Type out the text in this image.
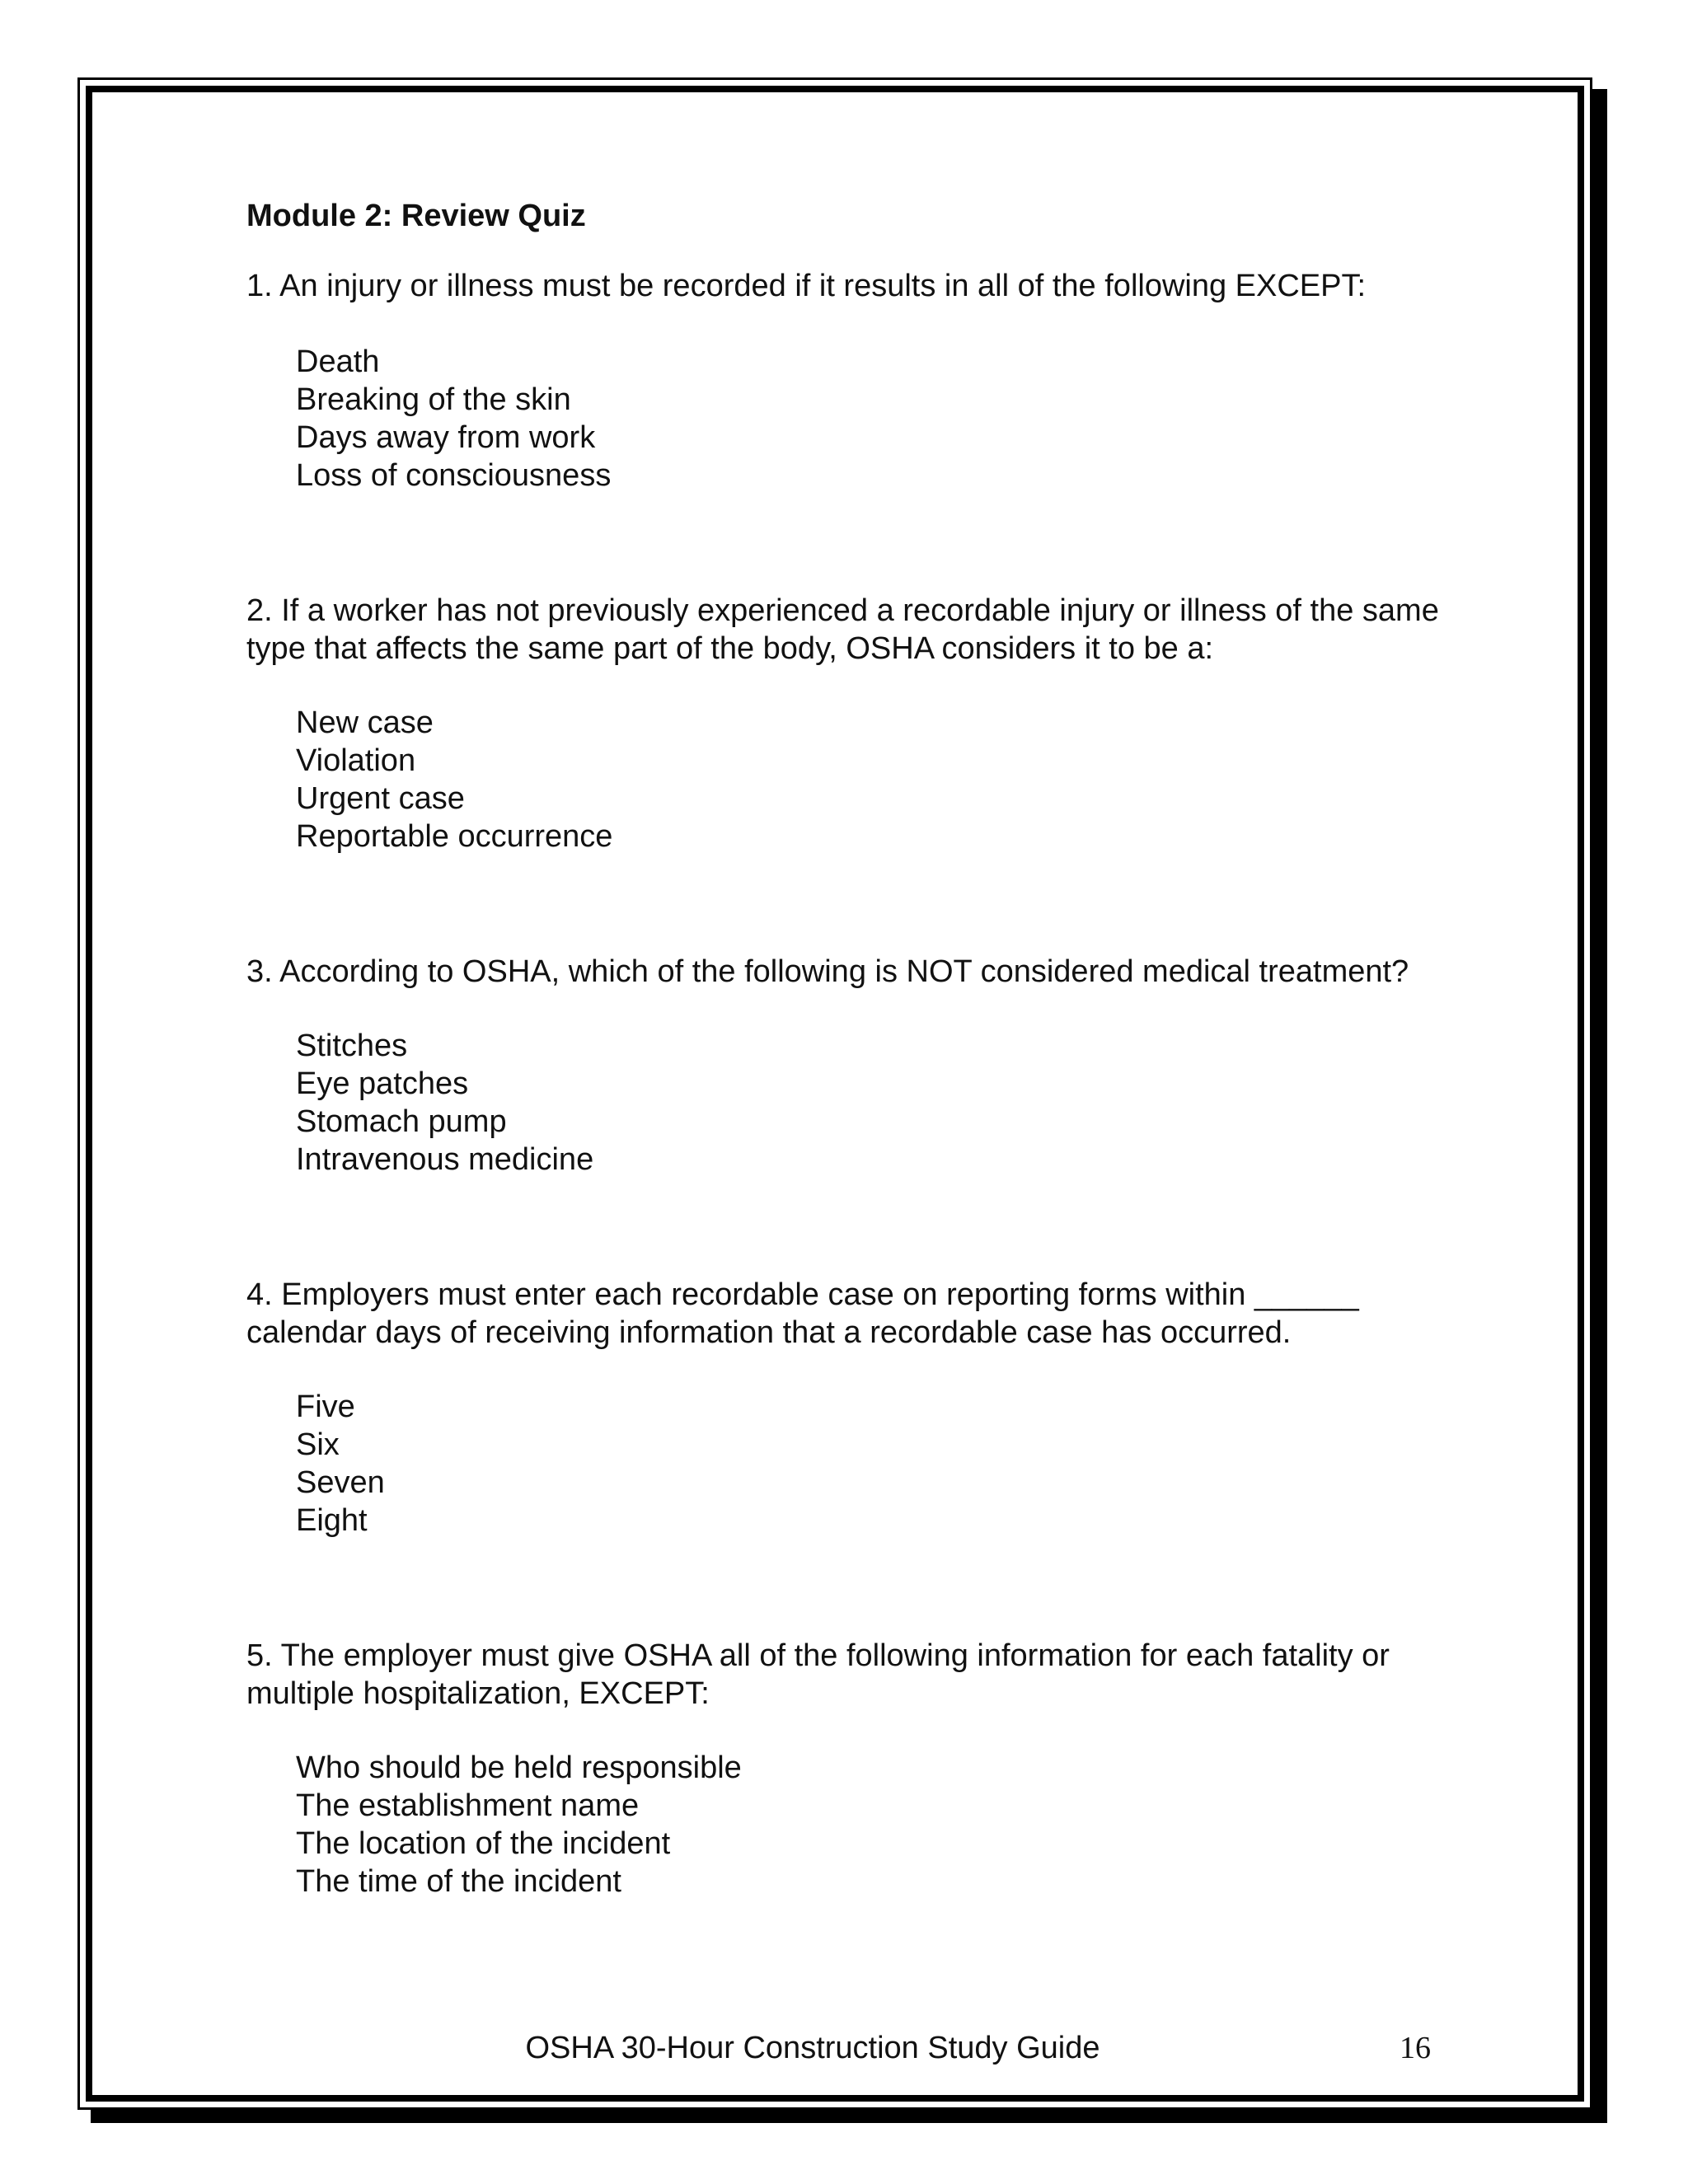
Module 2: Review Quiz
1. An injury or illness must be recorded if it results in all of the following EXCEPT:
Death
Breaking of the skin
Days away from work
Loss of consciousness
2. If a worker has not previously experienced a recordable injury or illness of the same type that affects the same part of the body, OSHA considers it to be a:
New case
Violation
Urgent case
Reportable occurrence
3. According to OSHA, which of the following is NOT considered medical treatment?
Stitches
Eye patches
Stomach pump
Intravenous medicine
4. Employers must enter each recordable case on reporting forms within ______ calendar days of receiving information that a recordable case has occurred.
Five
Six
Seven
Eight
5. The employer must give OSHA all of the following information for each fatality or multiple hospitalization, EXCEPT:
Who should be held responsible
The establishment name
The location of the incident
The time of the incident
OSHA 30-Hour Construction Study Guide	16
